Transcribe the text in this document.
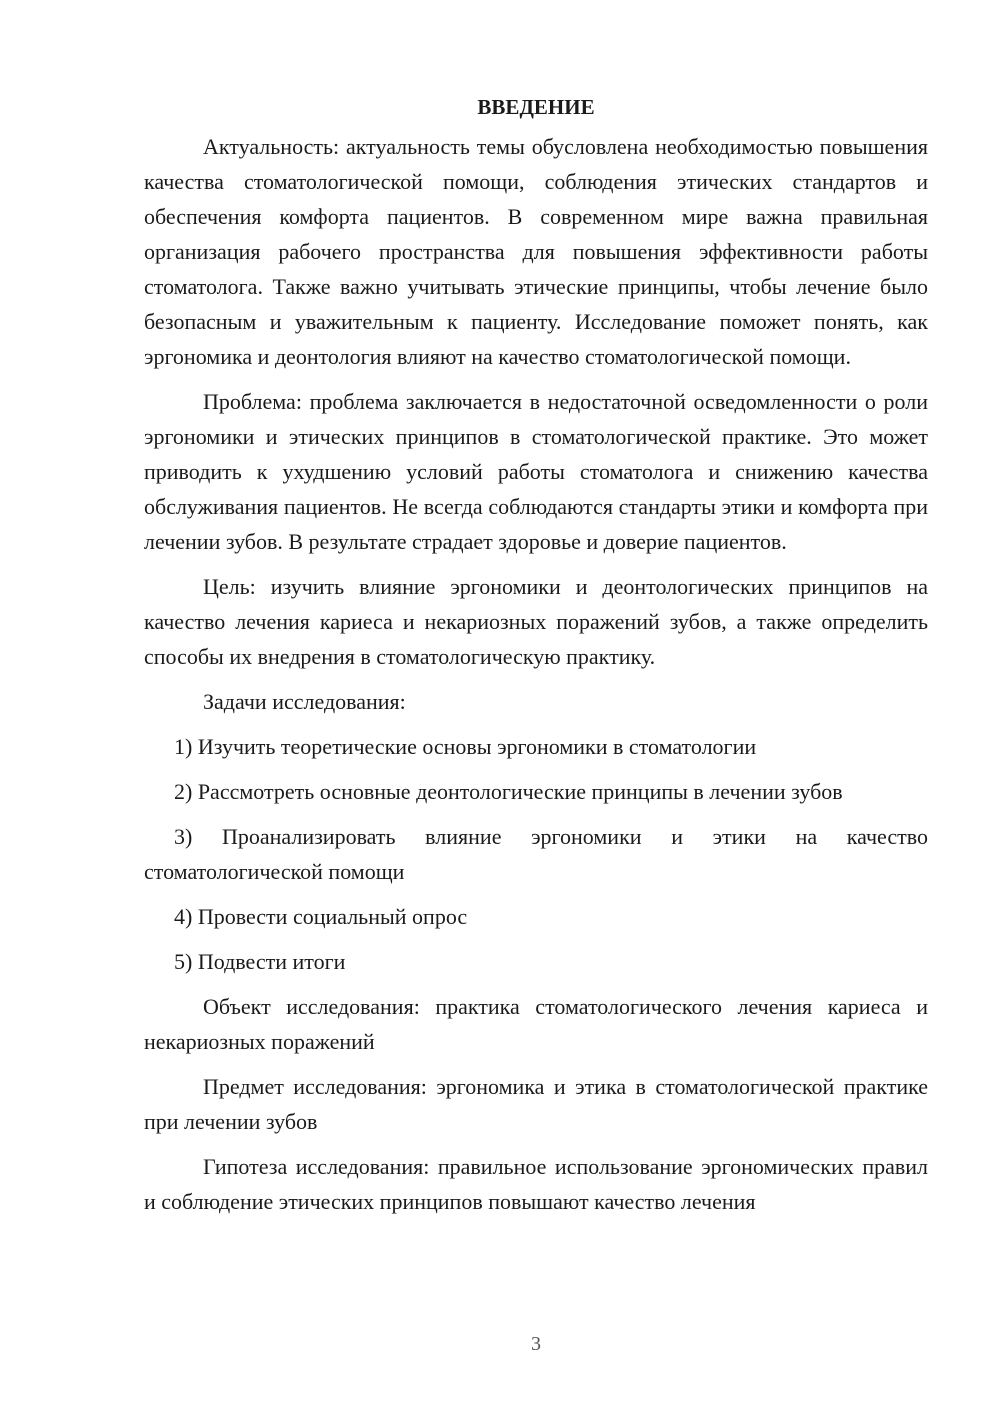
ВВЕДЕНИЕ

Актуальность: актуальность темы обусловлена необходимостью повышения качества стоматологической помощи, соблюдения этических стандартов и обеспечения комфорта пациентов. В современном мире важна правильная организация рабочего пространства для повышения эффективности работы стоматолога. Также важно учитывать этические принципы, чтобы лечение было безопасным и уважительным к пациенту. Исследование поможет понять, как эргономика и деонтология влияют на качество стоматологической помощи.

Проблема: проблема заключается в недостаточной осведомленности о роли эргономики и этических принципов в стоматологической практике. Это может приводить к ухудшению условий работы стоматолога и снижению качества обслуживания пациентов. Не всегда соблюдаются стандарты этики и комфорта при лечении зубов. В результате страдает здоровье и доверие пациентов.

Цель: изучить влияние эргономики и деонтологических принципов на качество лечения кариеса и некариозных поражений зубов, а также определить способы их внедрения в стоматологическую практику.

Задачи исследования:

1) Изучить теоретические основы эргономики в стоматологии

2) Рассмотреть основные деонтологические принципы в лечении зубов

3) Проанализировать влияние эргономики и этики на качество стоматологической помощи

4) Провести социальный опрос

5) Подвести итоги

Объект исследования: практика стоматологического лечения кариеса и некариозных поражений

Предмет исследования: эргономика и этика в стоматологической практике при лечении зубов

Гипотеза исследования: правильное использование эргономических правил и соблюдение этических принципов повышают качество лечения

3
